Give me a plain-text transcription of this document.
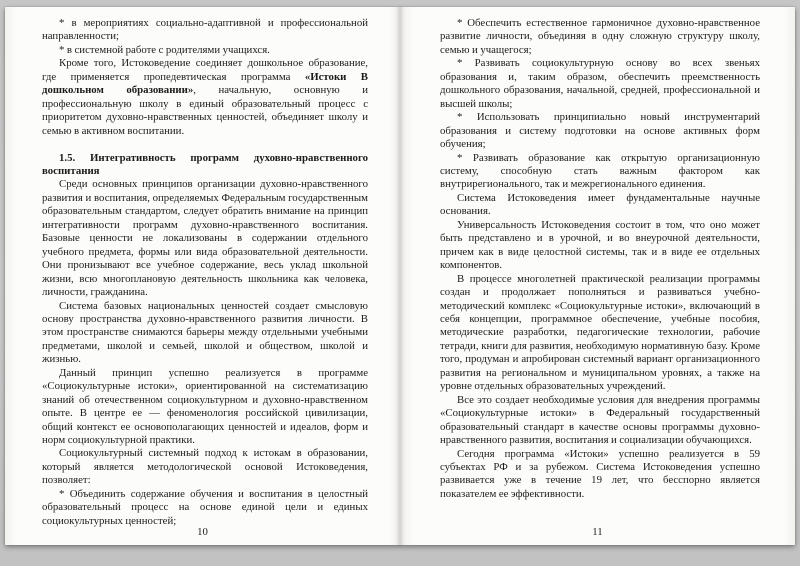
* в мероприятиях социально-адаптивной и профессиональной направленности;

* в системной работе с родителями учащихся.

Кроме того, Истоковедение соединяет дошкольное образование, где применяется пропедевтическая программа «Истоки В дошкольном образовании», начальную, основную и профессиональную школу в единый образовательный процесс с приоритетом духовно-нравственных ценностей, объединяет школу и семью в активном воспитании.

1.5. Интегративность программ духовно-нравственного воспитания

Среди основных принципов организации духовно-нравственного развития и воспитания, определяемых Федеральным государственным образовательным стандартом, следует обратить внимание на принцип интегративности программ духовно-нравственного воспитания. Базовые ценности не локализованы в содержании отдельного учебного предмета, формы или вида образовательной деятельности. Они пронизывают все учебное содержание, весь уклад школьной жизни, всю многоплановую деятельность школьника как человека, личности, гражданина.

Система базовых национальных ценностей создает смысловую основу пространства духовно-нравственного развития личности. В этом пространстве снимаются барьеры между отдельными учебными предметами, школой и семьей, школой и обществом, школой и жизнью.

Данный принцип успешно реализуется в программе «Социокультурные истоки», ориентированной на систематизацию знаний об отечественном социокультурном и духовно-нравственном опыте. В центре ее — феноменология российской цивилизации, общий контекст ее основополагающих ценностей и идеалов, форм и норм социокультурной практики.

Социокультурный системный подход к истокам в образовании, который является методологической основой Истоковедения, позволяет:

* Объединить содержание обучения и воспитания в целостный образовательный процесс на основе единой цели и единых социокультурных ценностей;

10

* Обеспечить естественное гармоничное духовно-нравственное развитие личности, объединяя в одну сложную структуру школу, семью и учащегося;

* Развивать социокультурную основу во всех звеньях образования и, таким образом, обеспечить преемственность дошкольного образования, начальной, средней, профессиональной и высшей школы;

* Использовать принципиально новый инструментарий образования и систему подготовки на основе активных форм обучения;

* Развивать образование как открытую организационную систему, способную стать важным фактором как внутрирегионального, так и межрегионального единения.

Система Истоковедения имеет фундаментальные научные основания.

Универсальность Истоковедения состоит в том, что оно может быть представлено и в урочной, и во внеурочной деятельности, причем как в виде целостной системы, так и в виде ее отдельных компонентов.

В процессе многолетней практической реализации программы создан и продолжает пополняться и развиваться учебно-методический комплекс «Социокультурные истоки», включающий в себя концепции, программное обеспечение, учебные пособия, методические разработки, педагогические технологии, рабочие тетради, книги для развития, необходимую нормативную базу. Кроме того, продуман и апробирован системный вариант организационного развития на региональном и муниципальном уровнях, а также на уровне отдельных образовательных учреждений.

Все это создает необходимые условия для внедрения программы «Социокультурные истоки» в Федеральный государственный образовательный стандарт в качестве основы программы духовно-нравственного развития, воспитания и социализации обучающихся.

Сегодня программа «Истоки» успешно реализуется в 59 субъектах РФ и за рубежом. Система Истоковедения успешно развивается уже в течение 19 лет, что бесспорно является показателем ее эффективности.

11
